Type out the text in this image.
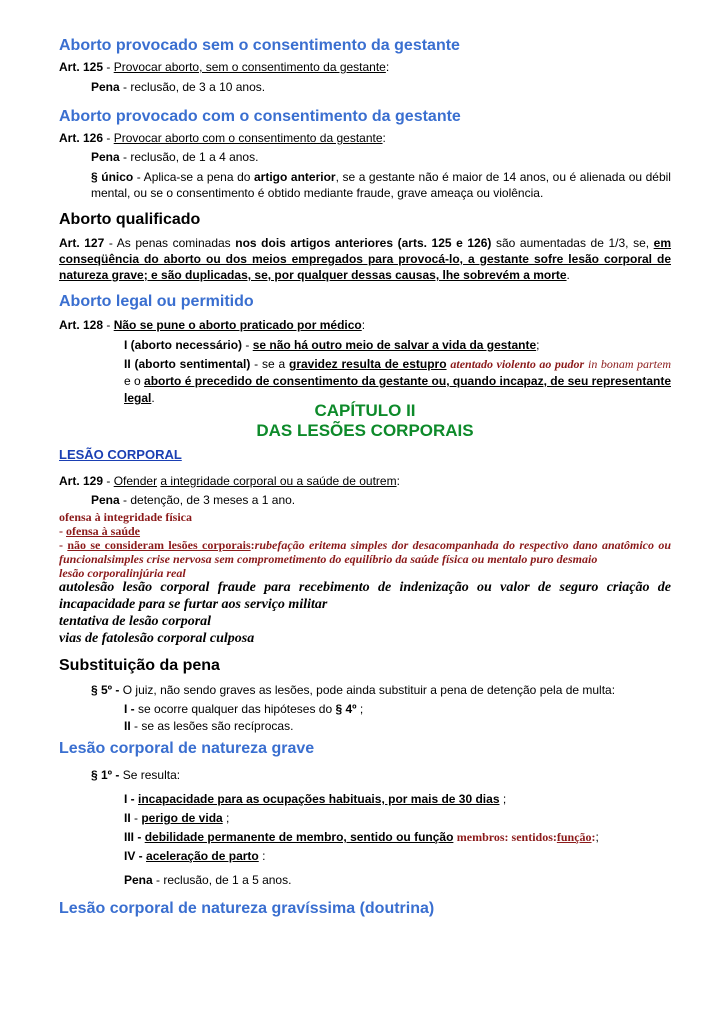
Aborto provocado sem o consentimento da gestante

Art. 125 - Provocar aborto, sem o consentimento da gestante:

Pena - reclusão, de 3 a 10 anos.

Aborto provocado com o consentimento da gestante

Art. 126 - Provocar aborto com o consentimento da gestante:

Pena - reclusão, de 1 a 4 anos.

§ único - Aplica-se a pena do artigo anterior, se a gestante não é maior de 14 anos, ou é alienada ou débil mental, ou se o consentimento é obtido mediante fraude, grave ameaça ou violência.

Aborto qualificado

Art. 127 - As penas cominadas nos dois artigos anteriores (arts. 125 e 126) são aumentadas de 1/3, se, em conseqüência do aborto ou dos meios empregados para provocá-lo, a gestante sofre lesão corporal de natureza grave; e são duplicadas, se, por qualquer dessas causas, lhe sobrevém a morte.

Aborto legal ou permitido

Art. 128 - Não se pune o aborto praticado por médico:

I (aborto necessário) - se não há outro meio de salvar a vida da gestante;

II (aborto sentimental) - se a gravidez resulta de estupro atentado violento ao pudor in bonam partem e o aborto é precedido de consentimento da gestante ou, quando incapaz, de seu representante legal.

CAPÍTULO II

DAS LESÕES CORPORAIS

LESÃO CORPORAL

Art. 129 - Ofender a integridade corporal ou a saúde de outrem:

Pena - detenção, de 3 meses a 1 ano.

ofensa à integridade física

- ofensa à saúde

- não se consideram lesões corporais:rubefação eritema simples dor desacompanhada do respectivo dano anatômico ou funcionalsimples crise nervosa sem comprometimento do equilíbrio da saúde física ou mentalo puro desmaio

lesão corporalinjúria real

autolesão lesão corporal fraude para recebimento de indenização ou valor de seguro criação de incapacidade para se furtar aos serviço militar

tentativa de lesão corporal

vias de fatolesão corporal culposa

Substituição da pena

§ 5º - O juiz, não sendo graves as lesões, pode ainda substituir a pena de detenção pela de multa:

I - se ocorre qualquer das hipóteses do § 4º ;

II - se as lesões são recíprocas.

Lesão corporal de natureza grave

§ 1º - Se resulta:

I - incapacidade para as ocupações habituais, por mais de 30 dias ;

II - perigo de vida ;

III - debilidade permanente de membro, sentido ou função membros: sentidos:função:;

IV - aceleração de parto :

Pena - reclusão, de 1 a 5 anos.

Lesão corporal de natureza gravíssima (doutrina)
